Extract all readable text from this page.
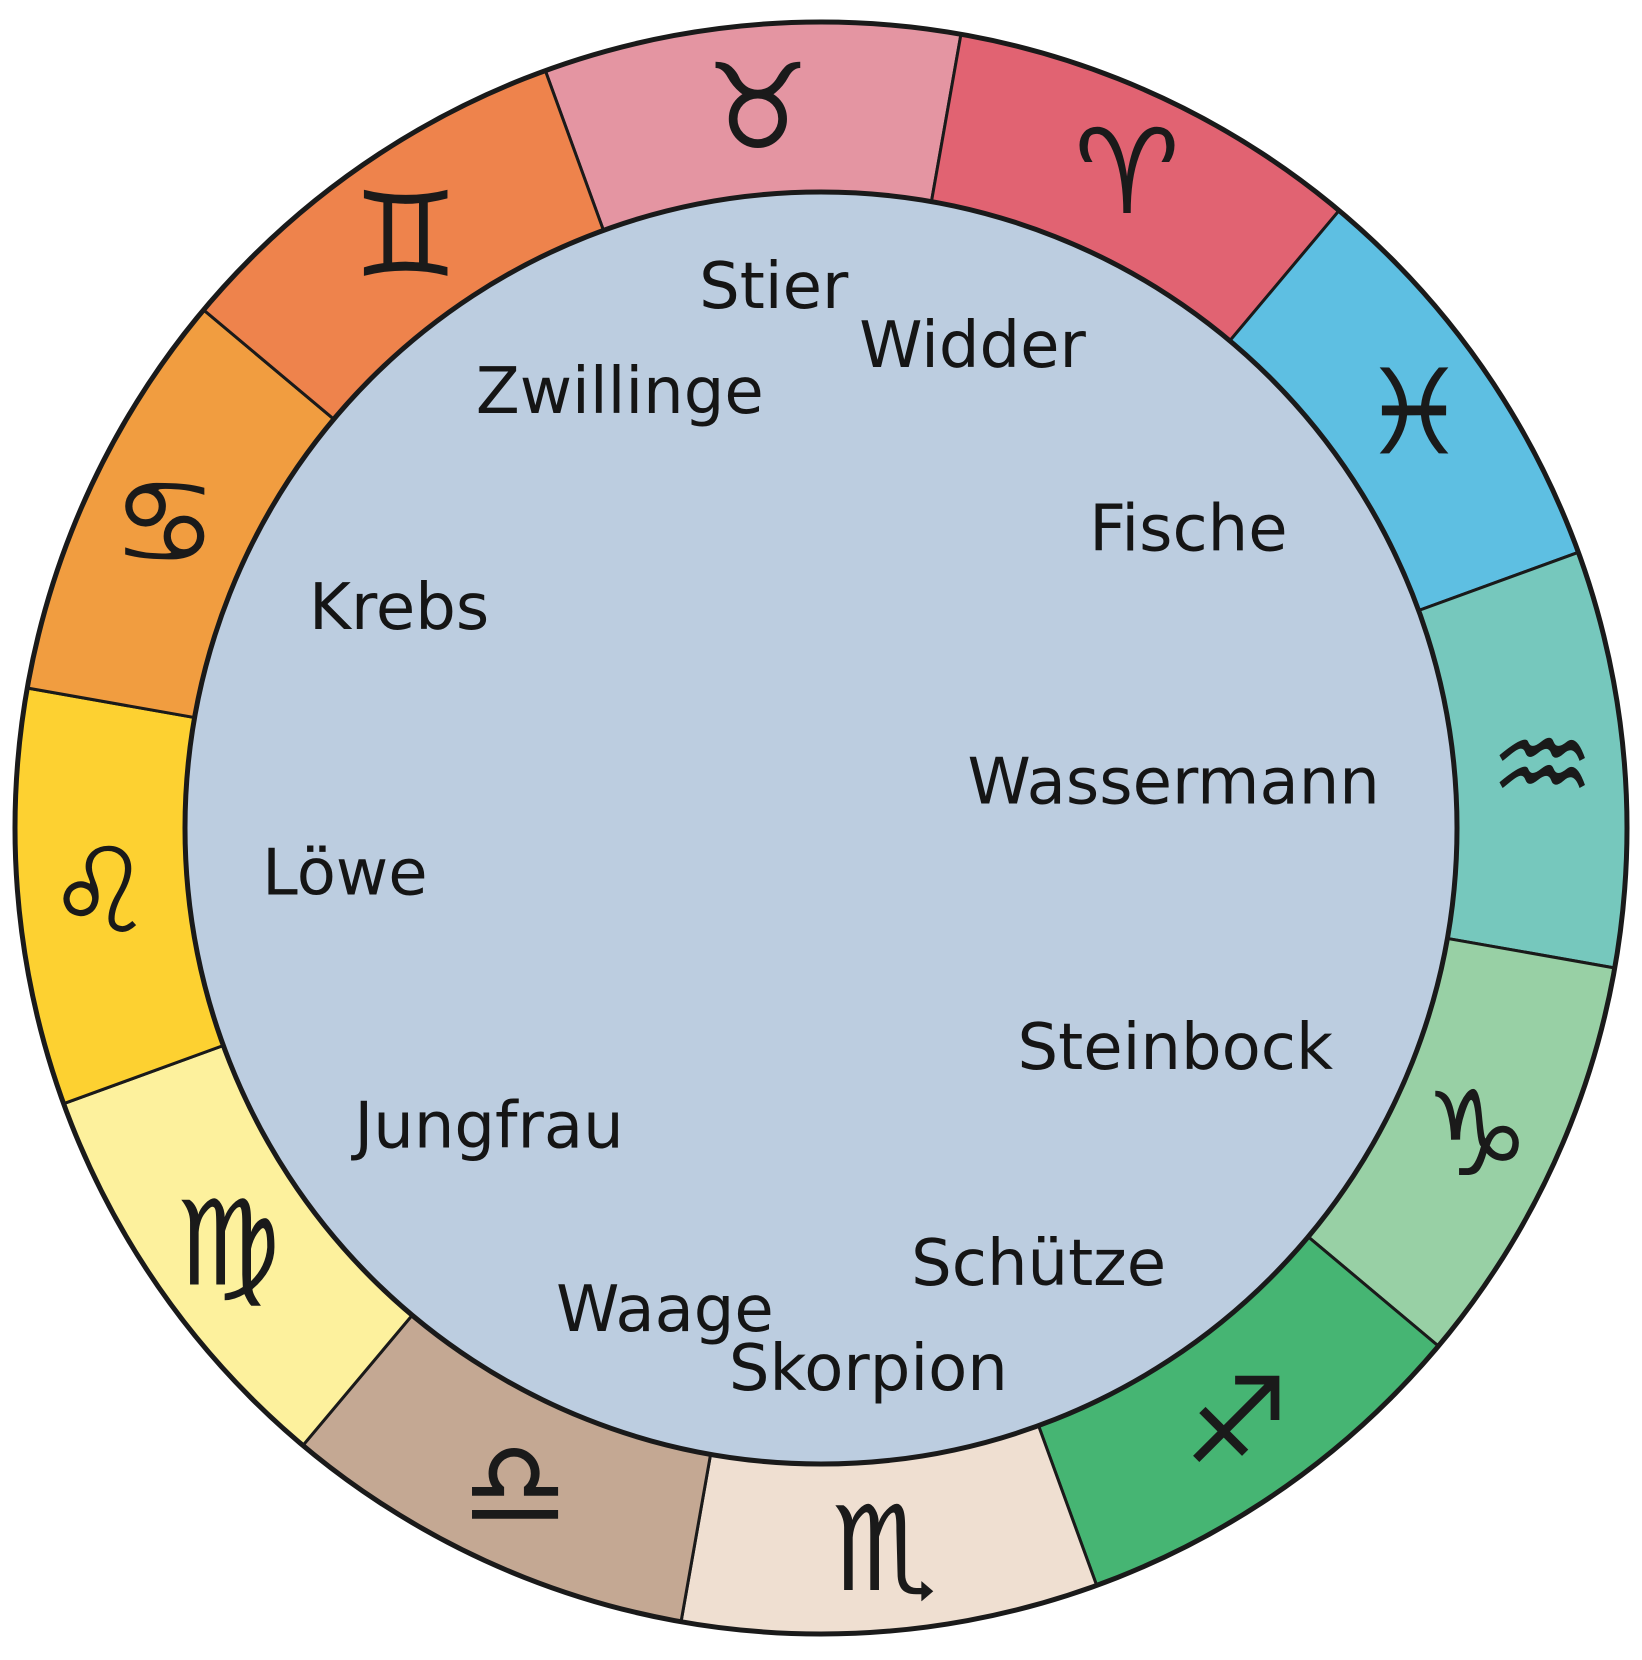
♉ ♈
♓
♒
♑
♐
♏
♎
♍
♌
♋
♊	Stier
Widder
Fische
Wassermann
Steinbock
Schütze
Skorpion
Waage
Jungfrau
Löwe
Krebs
Zwillinge
